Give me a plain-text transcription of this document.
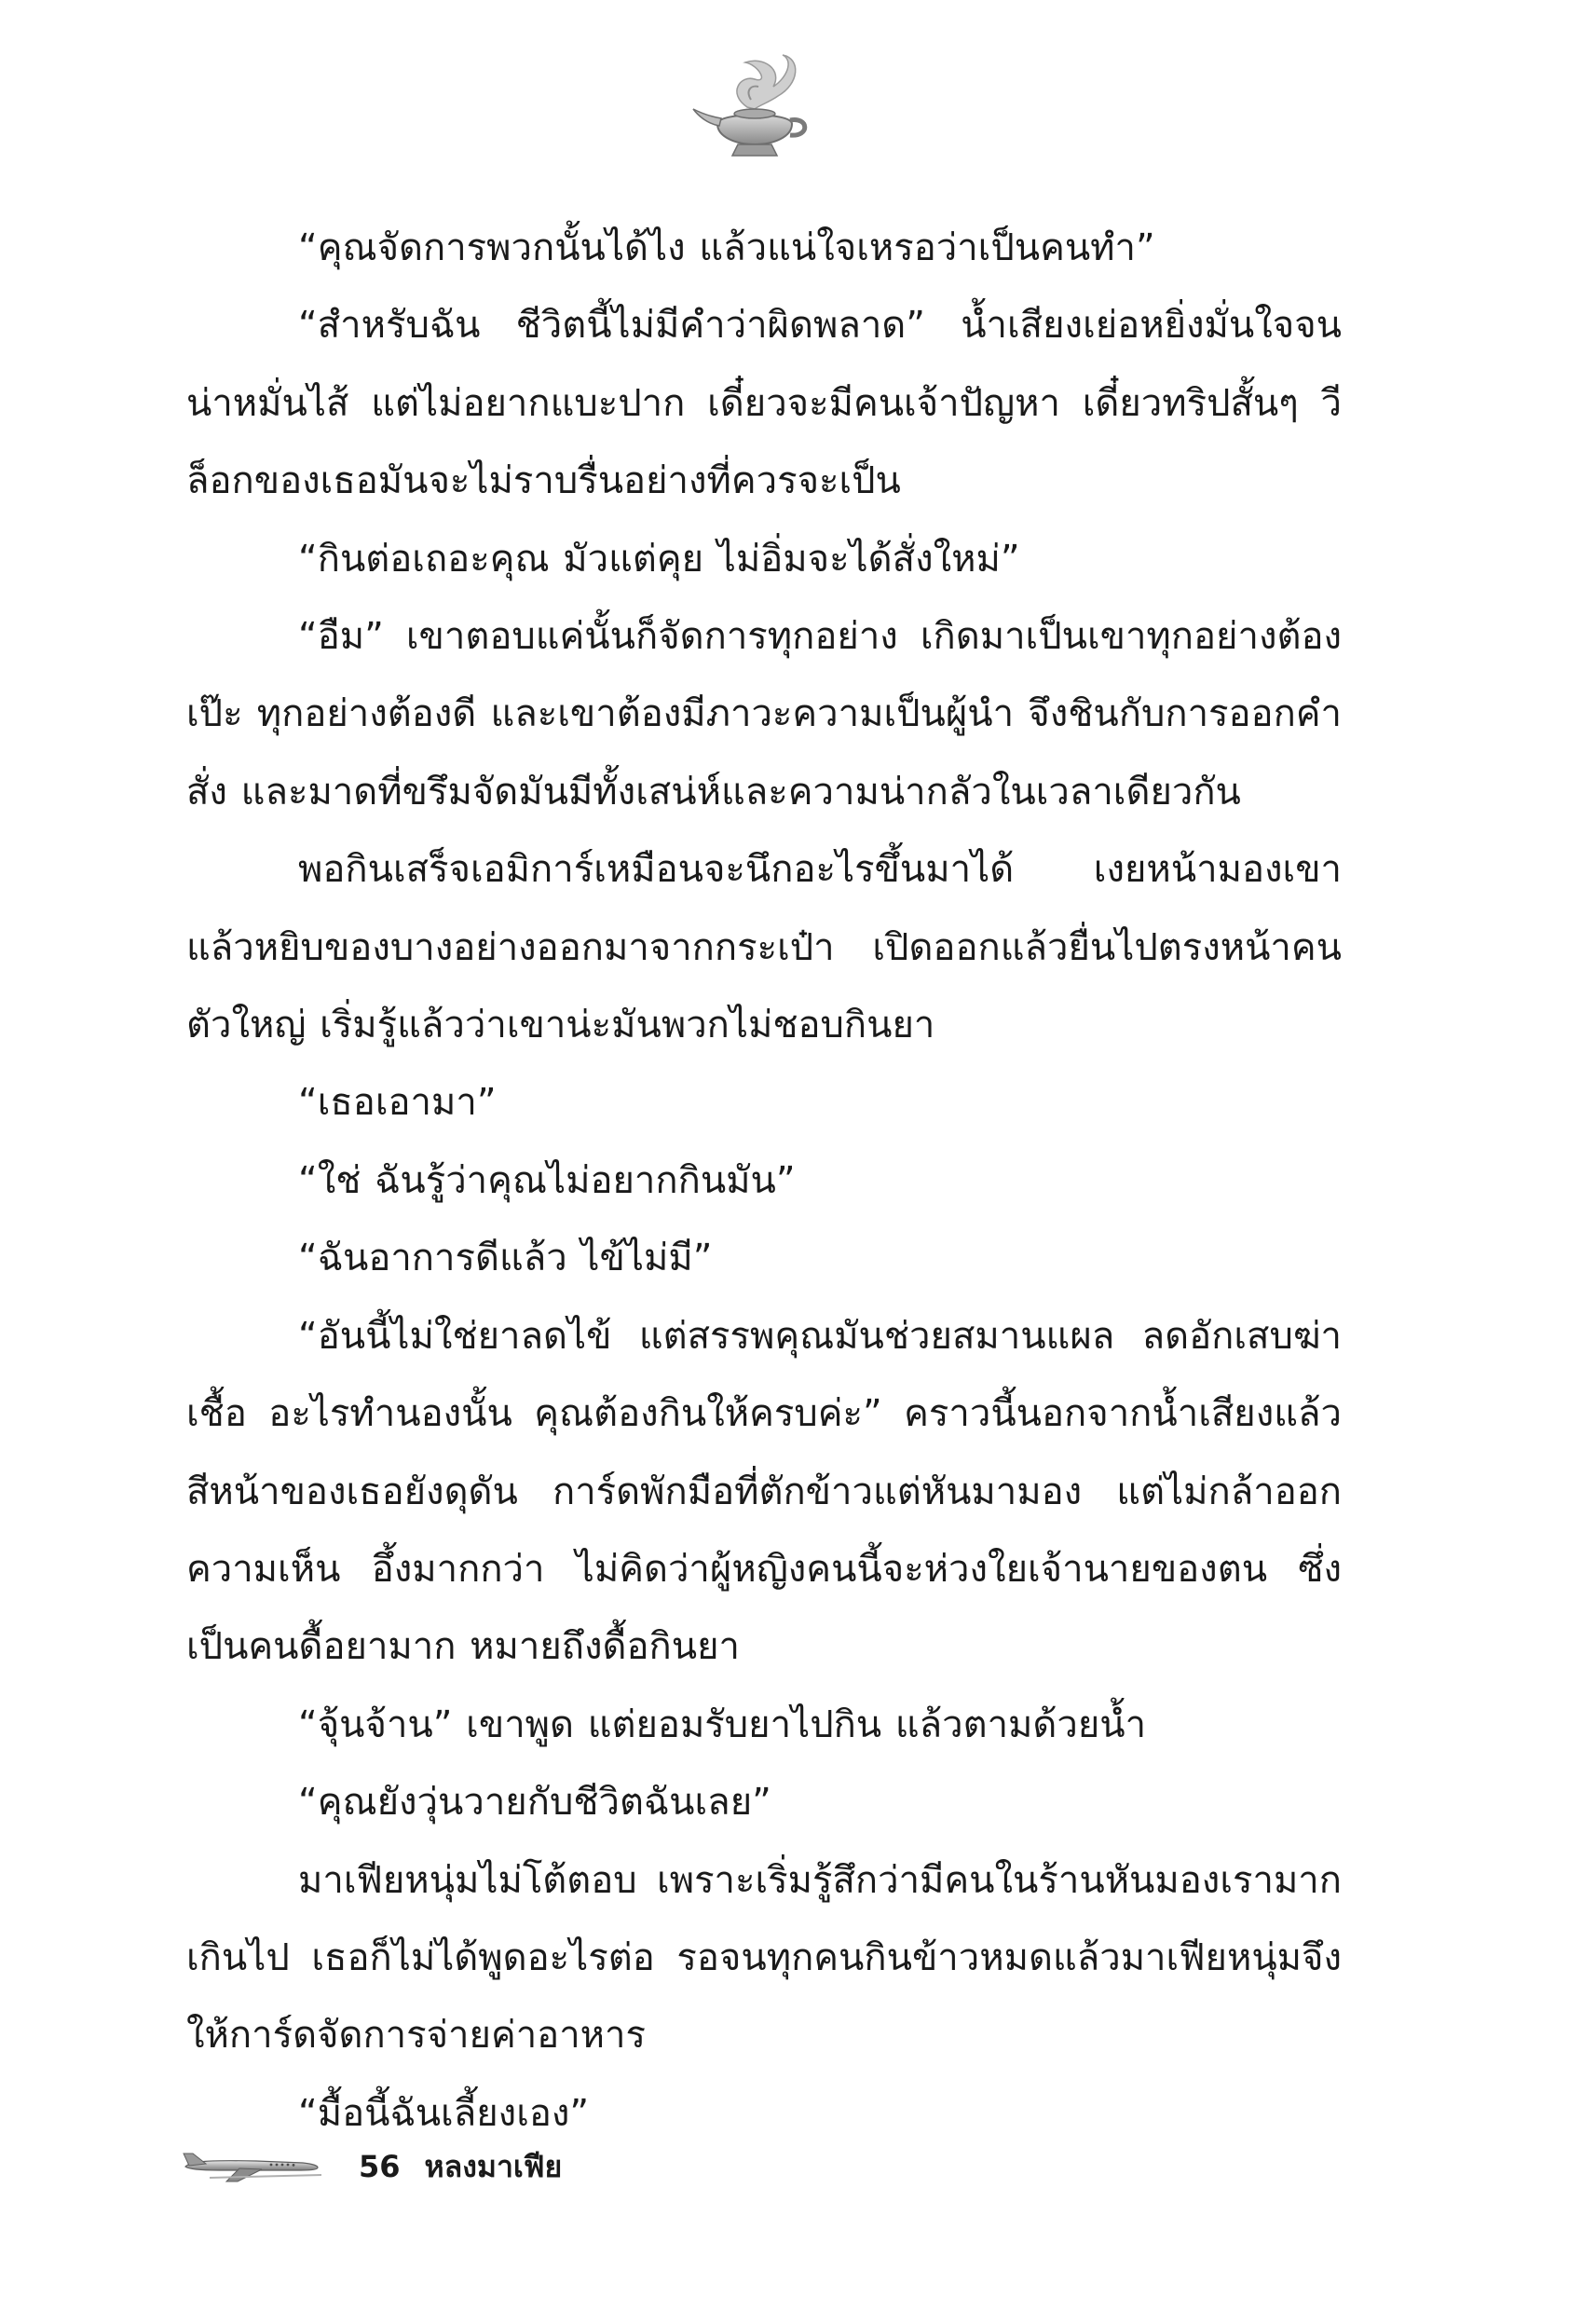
“คุณจัดการพวกนั้นได้ไง แล้วแน่ใจเหรอว่าเป็นคนทำ”

“สำหรับฉัน ชีวิตนี้ไม่มีคำว่าผิดพลาด” น้ำเสียงเย่อหยิ่งมั่นใจจนน่าหมั่นไส้ แต่ไม่อยากแบะปาก เดี๋ยวจะมีคนเจ้าปัญหา เดี๋ยวทริปสั้นๆ วีล็อกของเธอมันจะไม่ราบรื่นอย่างที่ควรจะเป็น

“กินต่อเถอะคุณ มัวแต่คุย ไม่อิ่มจะได้สั่งใหม่”

“อืม” เขาตอบแค่นั้นก็จัดการทุกอย่าง เกิดมาเป็นเขาทุกอย่างต้องเป๊ะ ทุกอย่างต้องดี และเขาต้องมีภาวะความเป็นผู้นำ จึงชินกับการออกคำสั่ง และมาดที่ขรึมจัดมันมีทั้งเสน่ห์และความน่ากลัวในเวลาเดียวกัน

พอกินเสร็จเอมิการ์เหมือนจะนึกอะไรขึ้นมาได้ เงยหน้ามองเขาแล้วหยิบของบางอย่างออกมาจากกระเป๋า เปิดออกแล้วยื่นไปตรงหน้าคนตัวใหญ่ เริ่มรู้แล้วว่าเขาน่ะมันพวกไม่ชอบกินยา

“เธอเอามา”

“ใช่ ฉันรู้ว่าคุณไม่อยากกินมัน”

“ฉันอาการดีแล้ว ไข้ไม่มี”

“อันนี้ไม่ใช่ยาลดไข้ แต่สรรพคุณมันช่วยสมานแผล ลดอักเสบฆ่าเชื้อ อะไรทำนองนั้น คุณต้องกินให้ครบค่ะ” คราวนี้นอกจากน้ำเสียงแล้ว สีหน้าของเธอยังดุดัน การ์ดพักมือที่ตักข้าวแต่หันมามอง แต่ไม่กล้าออกความเห็น อึ้งมากกว่า ไม่คิดว่าผู้หญิงคนนี้จะห่วงใยเจ้านายของตน ซึ่งเป็นคนดื้อยามาก หมายถึงดื้อกินยา

“จุ้นจ้าน” เขาพูด แต่ยอมรับยาไปกิน แล้วตามด้วยน้ำ

“คุณยังวุ่นวายกับชีวิตฉันเลย”

มาเฟียหนุ่มไม่โต้ตอบ เพราะเริ่มรู้สึกว่ามีคนในร้านหันมองเรามากเกินไป เธอก็ไม่ได้พูดอะไรต่อ รอจนทุกคนกินข้าวหมดแล้วมาเฟียหนุ่มจึงให้การ์ดจัดการจ่ายค่าอาหาร

“มื้อนี้ฉันเลี้ยงเอง”

56 หลงมาเฟีย
